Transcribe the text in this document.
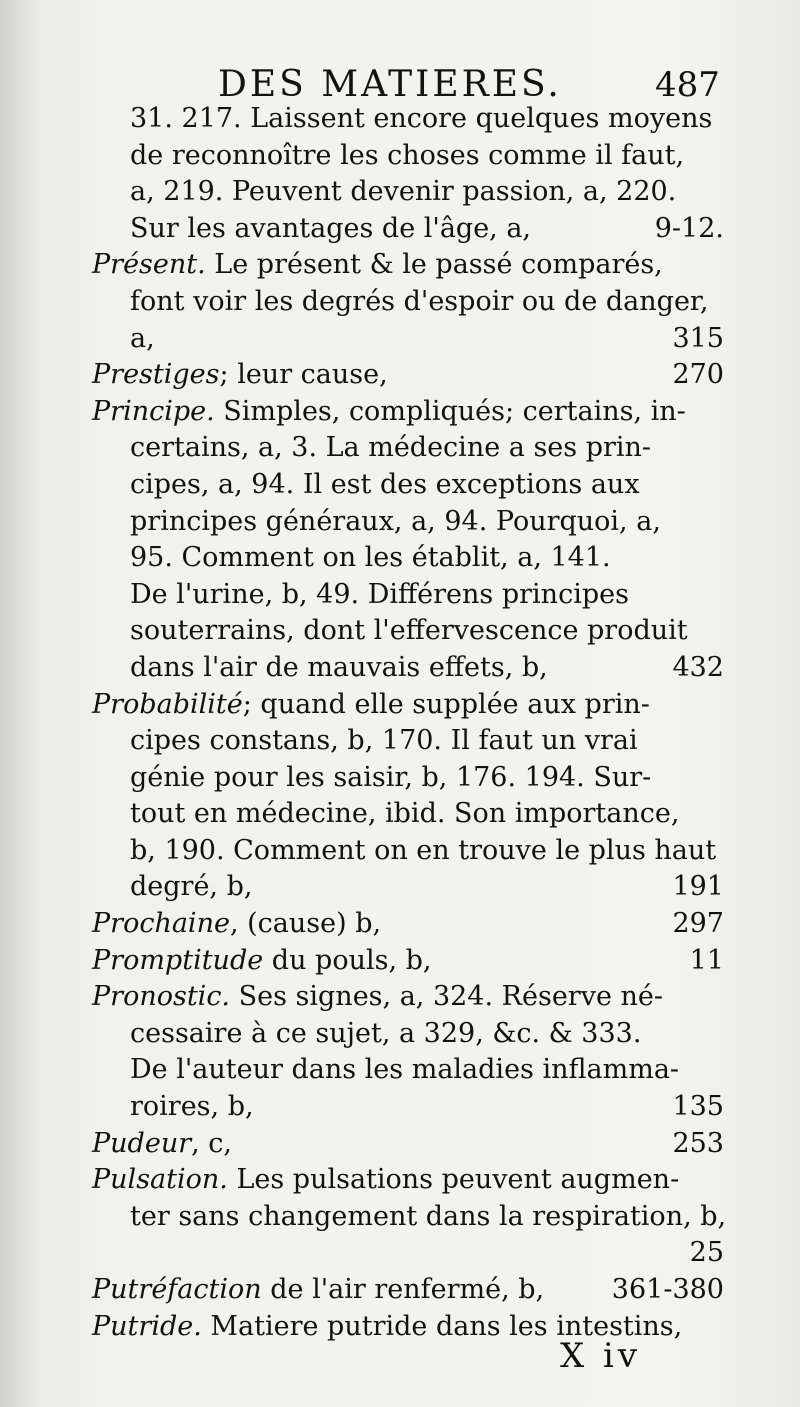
DES MATIERES.	487
31. 217. Laissent encore quelques moyens
de reconnoître les choses comme il faut,
a, 219. Peuvent devenir passion, a, 220.
Sur les avantages de l'âge, a,	9-12.
Présent. Le présent & le passé comparés,
font voir les degrés d'espoir ou de danger,
a,	315
Prestiges; leur cause,	270
Principe. Simples, compliqués; certains, in-
certains, a, 3. La médecine a ses prin-
cipes, a, 94. Il est des exceptions aux
principes généraux, a, 94. Pourquoi, a,
95. Comment on les établit, a, 141.
De l'urine, b, 49. Différens principes
souterrains, dont l'effervescence produit
dans l'air de mauvais effets, b,	432
Probabilité; quand elle supplée aux prin-
cipes constans, b, 170. Il faut un vrai
génie pour les saisir, b, 176. 194. Sur-
tout en médecine, ibid. Son importance,
b, 190. Comment on en trouve le plus haut
degré, b,	191
Prochaine, (cause) b,	297
Promptitude du pouls, b,	11
Pronostic. Ses signes, a, 324. Réserve né-
cessaire à ce sujet, a 329, &c. & 333.
De l'auteur dans les maladies inflamma-
roires, b,	135
Pudeur, c,	253
Pulsation. Les pulsations peuvent augmen-
ter sans changement dans la respiration, b,
25
Putréfaction de l'air renfermé, b,	361-380
Putride. Matiere putride dans les intestins,
X iv
